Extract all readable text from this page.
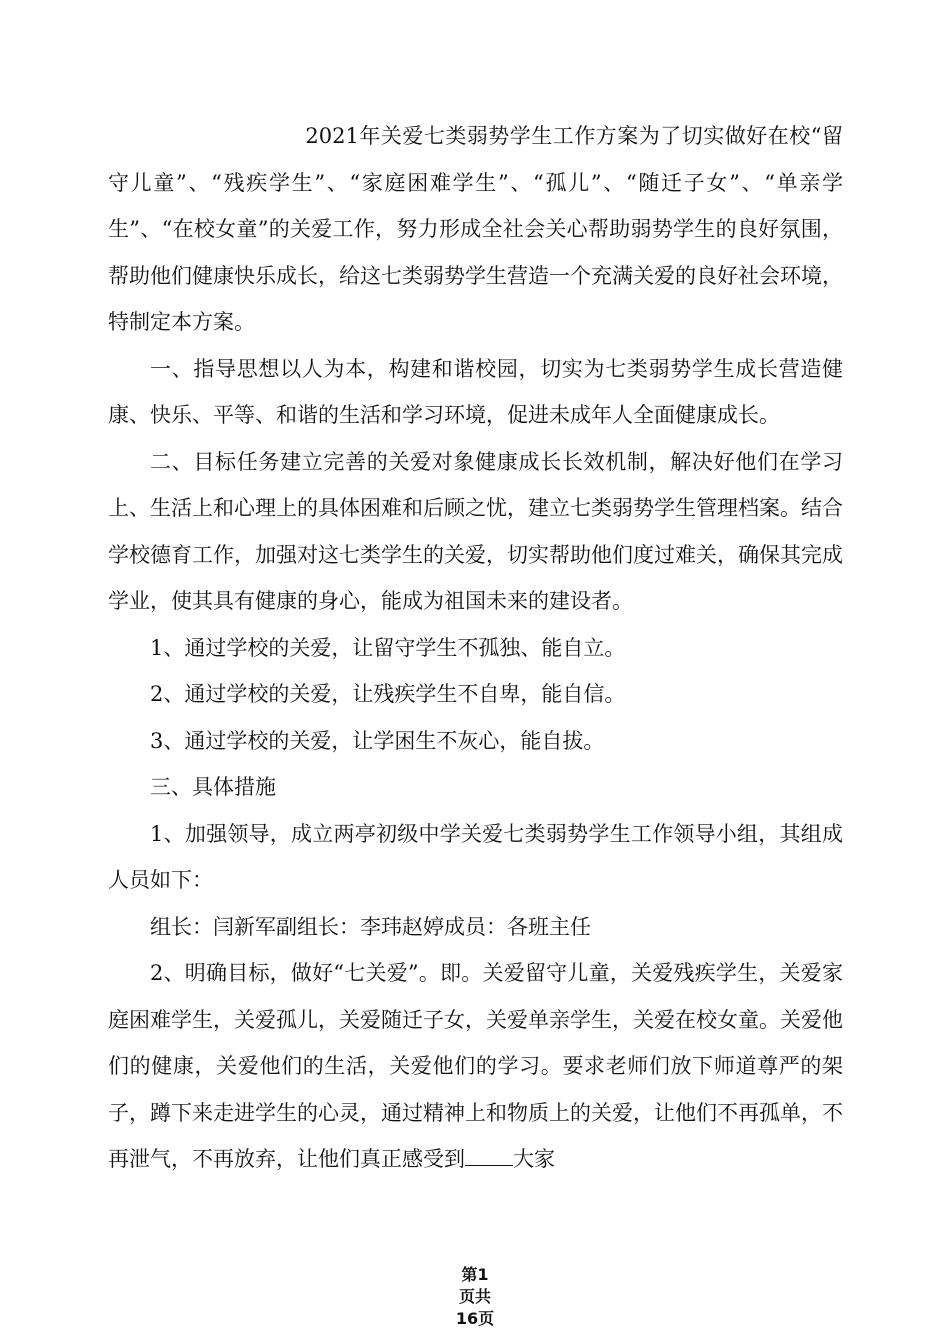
2021年关爱七类弱势学生工作方案为了切实做好在校“留守儿童”、“残疾学生”、“家庭困难学生”、“孤儿”、“随迁子女”、“单亲学生”、“在校女童”的关爱工作，努力形成全社会关心帮助弱势学生的良好氛围，帮助他们健康快乐成长，给这七类弱势学生营造一个充满关爱的良好社会环境，特制定本方案。

一、指导思想以人为本，构建和谐校园，切实为七类弱势学生成长营造健康、快乐、平等、和谐的生活和学习环境，促进未成年人全面健康成长。

二、目标任务建立完善的关爱对象健康成长长效机制，解决好他们在学习上、生活上和心理上的具体困难和后顾之忧，建立七类弱势学生管理档案。结合学校德育工作，加强对这七类学生的关爱，切实帮助他们度过难关，确保其完成学业，使其具有健康的身心，能成为祖国未来的建设者。

1、通过学校的关爱，让留守学生不孤独、能自立。

2、通过学校的关爱，让残疾学生不自卑，能自信。

3、通过学校的关爱，让学困生不灰心，能自拔。

三、具体措施

1、加强领导，成立两亭初级中学关爱七类弱势学生工作领导小组，其组成人员如下：

组长：闫新军副组长：李玮赵婷成员：各班主任

2、明确目标，做好“七关爱”。即。关爱留守儿童，关爱残疾学生，关爱家庭困难学生，关爱孤儿，关爱随迁子女，关爱单亲学生，关爱在校女童。关爱他们的健康，关爱他们的生活，关爱他们的学习。要求老师们放下师道尊严的架子，蹲下来走进学生的心灵，通过精神上和物质上的关爱，让他们不再孤单，不再泄气，不再放弃，让他们真正感受到 大家

第1
页共
16页
